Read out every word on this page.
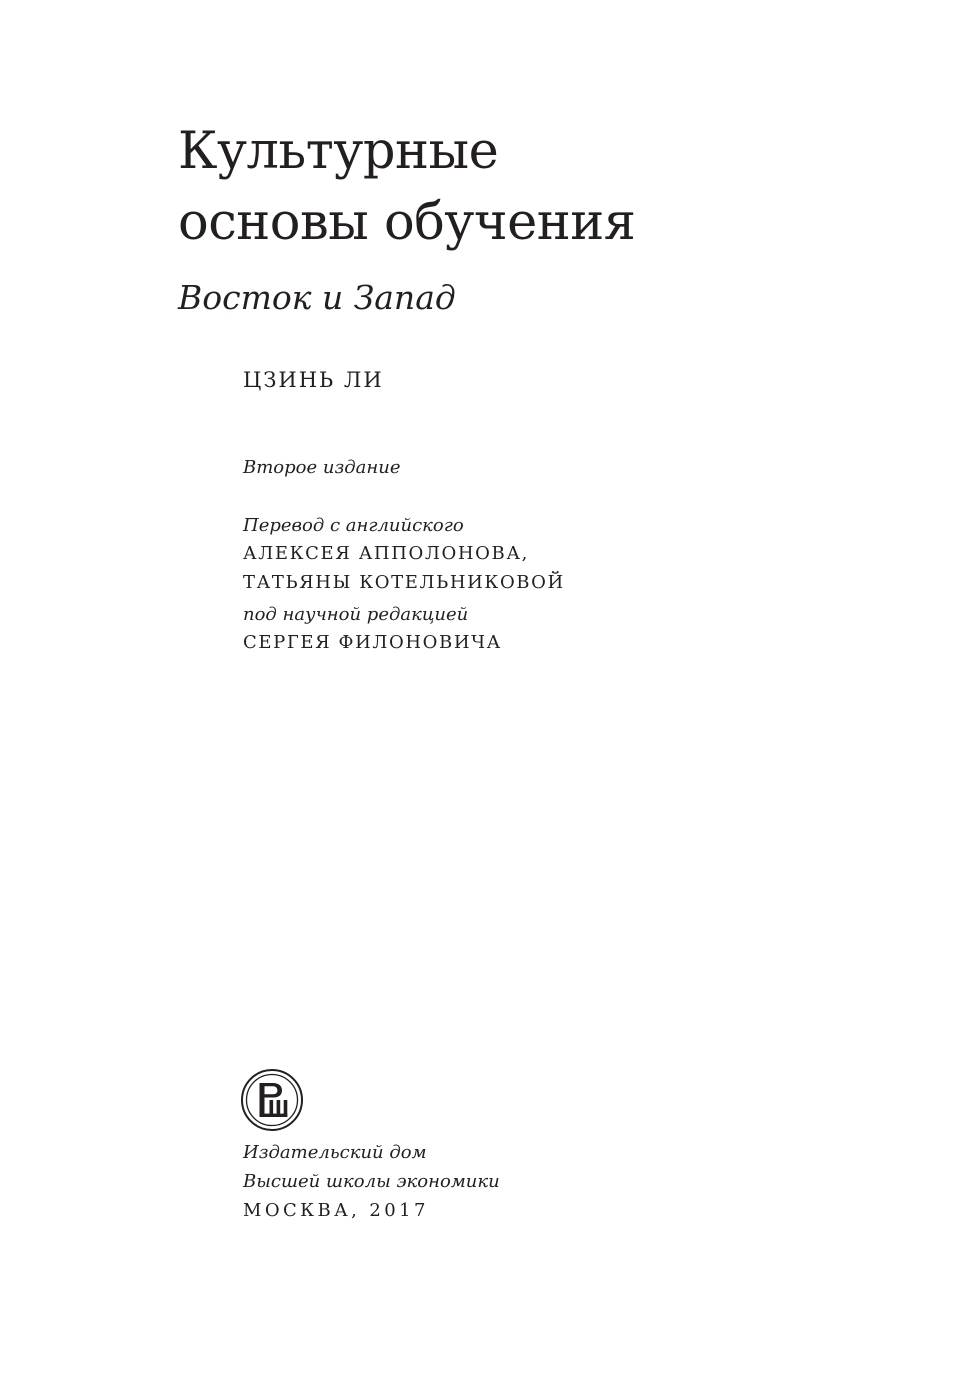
Культурные
основы обучения
Восток и Запад
ЦЗИНЬ ЛИ
Второе издание
Перевод с английского
АЛЕКСЕЯ АППОЛОНОВА,
ТАТЬЯНЫ КОТЕЛЬНИКОВОЙ
под научной редакцией
СЕРГЕЯ ФИЛОНОВИЧА
Издательский дом
Высшей школы экономики
МОСКВА, 2017
